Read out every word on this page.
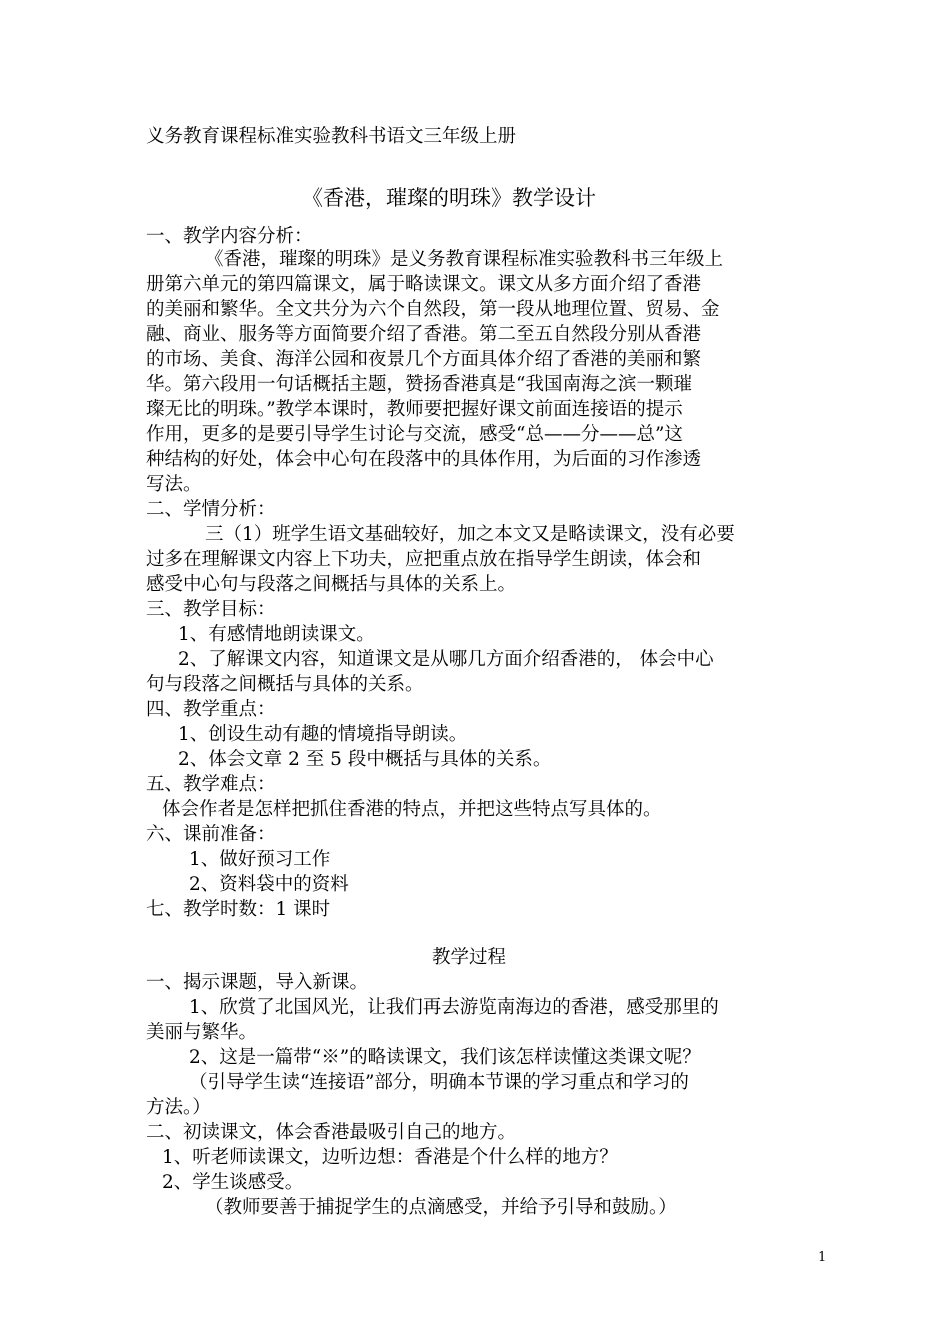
义务教育课程标准实验教科书语文三年级上册
《香港，璀璨的明珠》教学设计
一、教学内容分析：
《香港，璀璨的明珠》是义务教育课程标准实验教科书三年级上
册第六单元的第四篇课文，属于略读课文。课文从多方面介绍了香港
的美丽和繁华。全文共分为六个自然段，第一段从地理位置、贸易、金
融、商业、服务等方面简要介绍了香港。第二至五自然段分别从香港
的市场、美食、海洋公园和夜景几个方面具体介绍了香港的美丽和繁
华。第六段用一句话概括主题，赞扬香港真是“我国南海之滨一颗璀
璨无比的明珠。”教学本课时，教师要把握好课文前面连接语的提示
作用，更多的是要引导学生讨论与交流，感受“总——分——总”这
种结构的好处，体会中心句在段落中的具体作用，为后面的习作渗透
写法。
二、学情分析：
三（1）班学生语文基础较好，加之本文又是略读课文，没有必要
过多在理解课文内容上下功夫，应把重点放在指导学生朗读，体会和
感受中心句与段落之间概括与具体的关系上。
三、教学目标：
1、有感情地朗读课文。
2、了解课文内容，知道课文是从哪几方面介绍香港的， 体会中心
句与段落之间概括与具体的关系。
四、教学重点：
1、创设生动有趣的情境指导朗读。
2、体会文章 2 至 5 段中概括与具体的关系。
五、教学难点：
体会作者是怎样把抓住香港的特点，并把这些特点写具体的。
六、课前准备：
1、做好预习工作
2、资料袋中的资料
七、教学时数：1 课时
教学过程
一、揭示课题，导入新课。
1、欣赏了北国风光，让我们再去游览南海边的香港，感受那里的
美丽与繁华。
2、这是一篇带“※”的略读课文，我们该怎样读懂这类课文呢？
（引导学生读“连接语”部分，明确本节课的学习重点和学习的
方法。）
二、初读课文，体会香港最吸引自己的地方。
1、听老师读课文，边听边想：香港是个什么样的地方？
2、学生谈感受。
（教师要善于捕捉学生的点滴感受，并给予引导和鼓励。）
1
